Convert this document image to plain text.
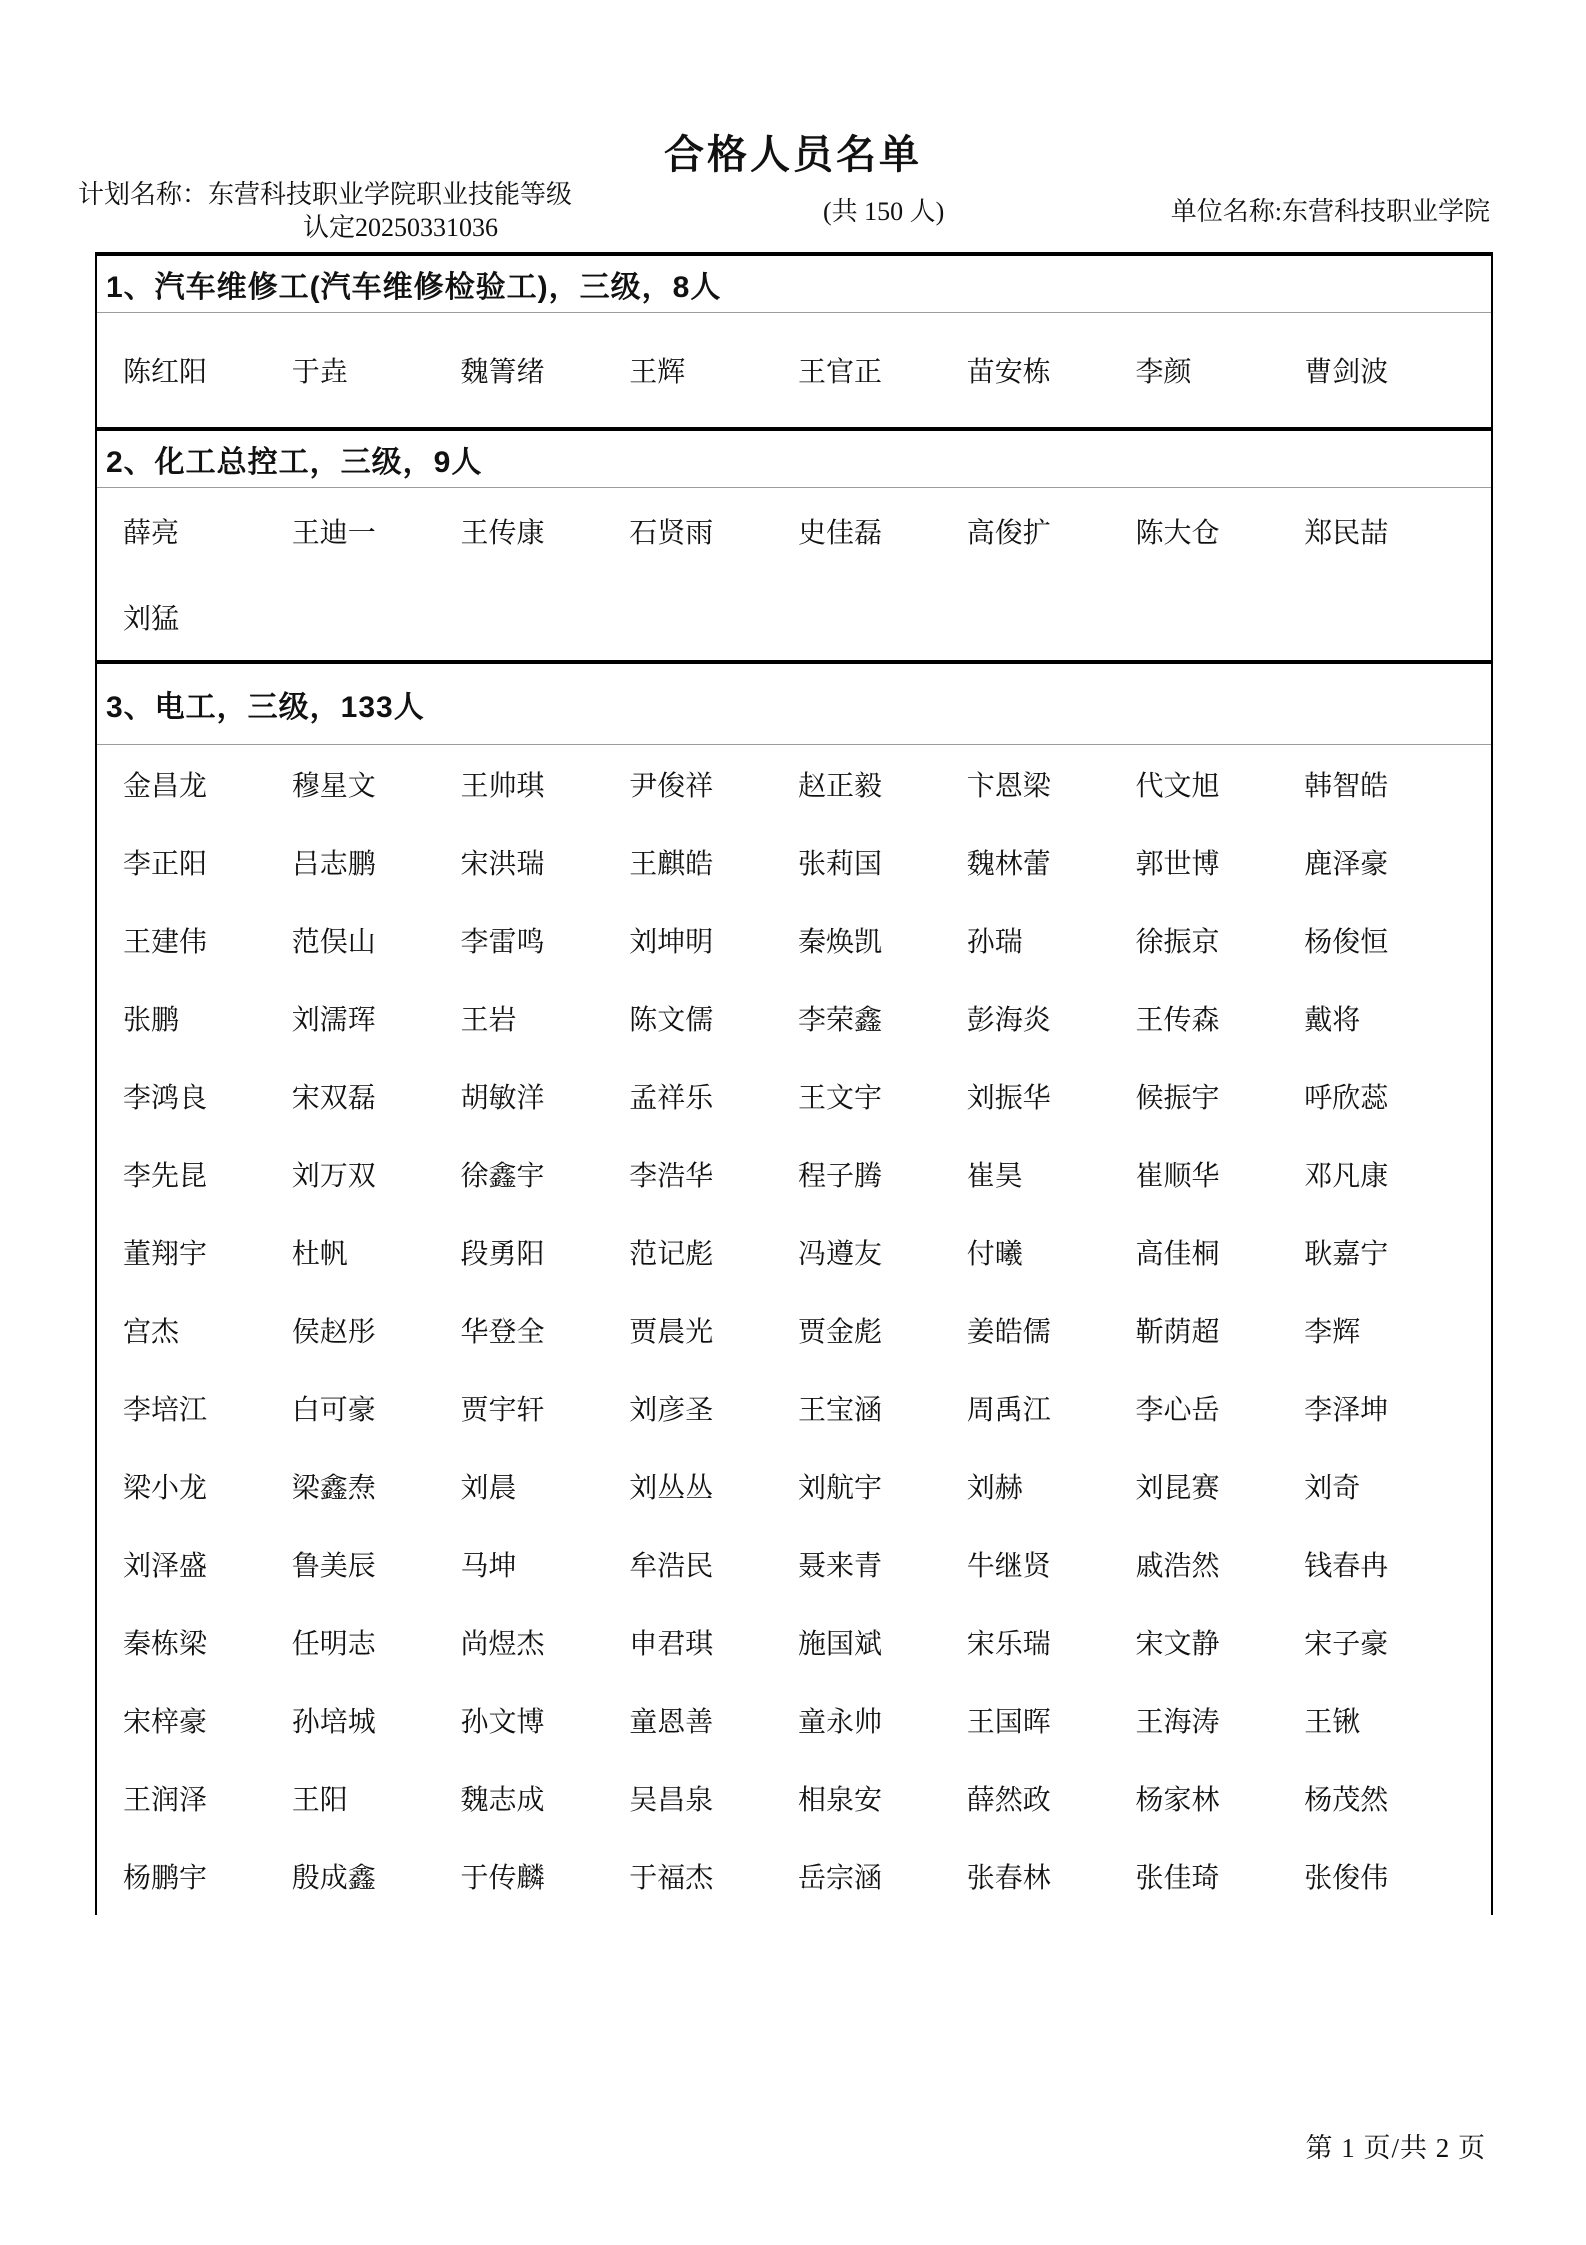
合格人员名单
计划名称：东营科技职业学院职业技能等级
认定20250331036
(共 150 人)	单位名称:东营科技职业学院
1、汽车维修工(汽车维修检验工)，三级，8人
陈红阳	于垚	魏箐绪	王辉	王官正	苗安栋	李颜	曹剑波
2、化工总控工，三级，9人
薛亮	王迪一	王传康	石贤雨	史佳磊	高俊扩	陈大仓	郑民喆
刘猛
3、电工，三级，133人
金昌龙	穆星文	王帅琪	尹俊祥	赵正毅	卞恩梁	代文旭	韩智皓
李正阳	吕志鹏	宋洪瑞	王麒皓	张莉国	魏林蕾	郭世博	鹿泽豪
王建伟	范俣山	李雷鸣	刘坤明	秦焕凯	孙瑞	徐振京	杨俊恒
张鹏	刘濡珲	王岩	陈文儒	李荣鑫	彭海炎	王传森	戴将
李鸿良	宋双磊	胡敏洋	孟祥乐	王文宇	刘振华	候振宇	呼欣蕊
李先昆	刘万双	徐鑫宇	李浩华	程子腾	崔昊	崔顺华	邓凡康
董翔宇	杜帆	段勇阳	范记彪	冯遵友	付曦	高佳桐	耿嘉宁
宫杰	侯赵彤	华登全	贾晨光	贾金彪	姜皓儒	靳荫超	李辉
李培江	白可豪	贾宇轩	刘彦圣	王宝涵	周禹江	李心岳	李泽坤
梁小龙	梁鑫焘	刘晨	刘丛丛	刘航宇	刘赫	刘昆赛	刘奇
刘泽盛	鲁美辰	马坤	牟浩民	聂来青	牛继贤	戚浩然	钱春冉
秦栋梁	任明志	尚煜杰	申君琪	施国斌	宋乐瑞	宋文静	宋子豪
宋梓豪	孙培城	孙文博	童恩善	童永帅	王国晖	王海涛	王锹
王润泽	王阳	魏志成	吴昌泉	相泉安	薛然政	杨家林	杨茂然
杨鹏宇	殷成鑫	于传麟	于福杰	岳宗涵	张春林	张佳琦	张俊伟
第 1 页/共 2 页
